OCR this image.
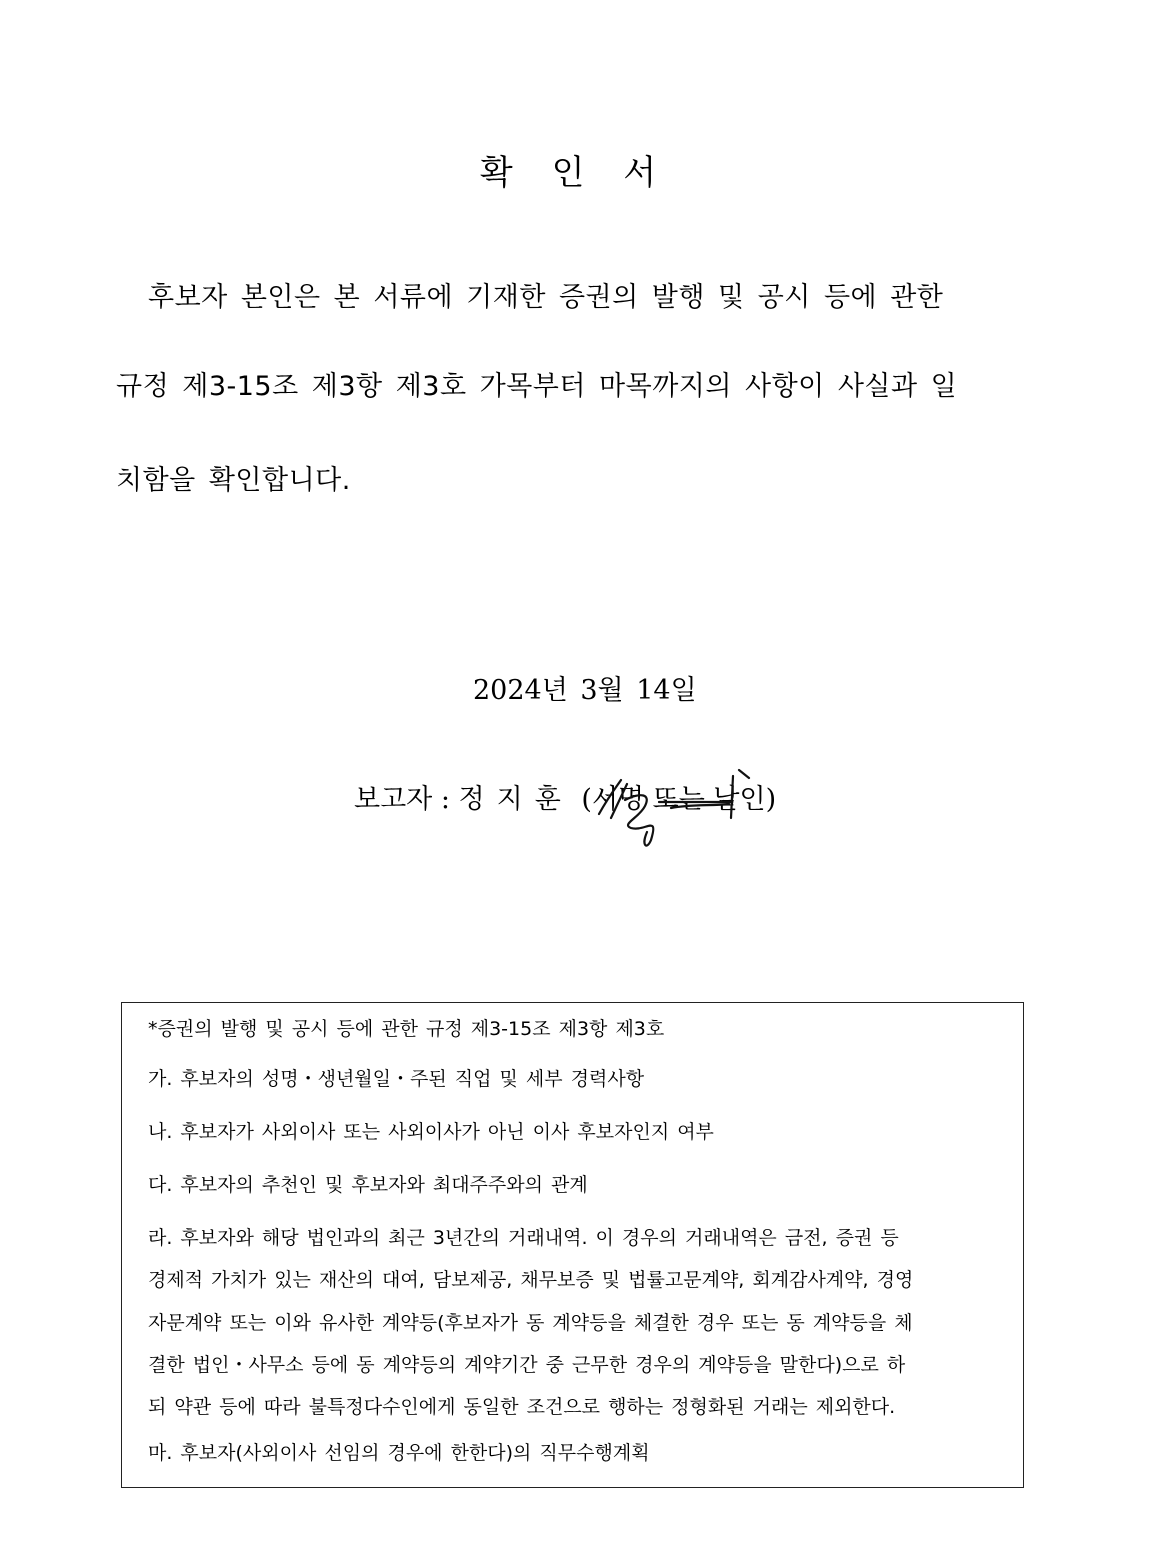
확 인 서
후보자 본인은 본 서류에 기재한 증권의 발행 및 공시 등에 관한
규정 제3-15조 제3항 제3호 가목부터 마목까지의 사항이 사실과 일
치함을 확인합니다.
2024년 3월 14일
보고자 : 정 지 훈 (서명 또는 날인)
*증권의 발행 및 공시 등에 관한 규정 제3-15조 제3항 제3호
가. 후보자의 성명・생년월일・주된 직업 및 세부 경력사항
나. 후보자가 사외이사 또는 사외이사가 아닌 이사 후보자인지 여부
다. 후보자의 추천인 및 후보자와 최대주주와의 관계
라. 후보자와 해당 법인과의 최근 3년간의 거래내역. 이 경우의 거래내역은 금전, 증권 등
경제적 가치가 있는 재산의 대여, 담보제공, 채무보증 및 법률고문계약, 회계감사계약, 경영
자문계약 또는 이와 유사한 계약등(후보자가 동 계약등을 체결한 경우 또는 동 계약등을 체
결한 법인・사무소 등에 동 계약등의 계약기간 중 근무한 경우의 계약등을 말한다)으로 하
되 약관 등에 따라 불특정다수인에게 동일한 조건으로 행하는 정형화된 거래는 제외한다.
마. 후보자(사외이사 선임의 경우에 한한다)의 직무수행계획
